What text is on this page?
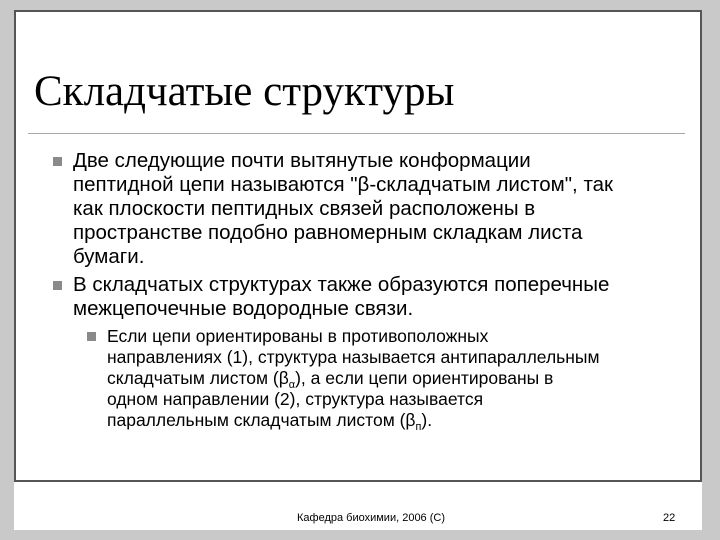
Складчатые структуры
Две следующие почти вытянутые конформации
пептидной цепи называются "β-складчатым листом", так
как плоскости пептидных связей расположены в
пространстве подобно равномерным складкам листа
бумаги.
В складчатых структурах также образуются поперечные
межцепочечные водородные связи.
Если цепи ориентированы в противоположных
направлениях (1), структура называется антипараллельным
складчатым листом $(\beta_\alpha)$, а если цепи ориентированы в
одном направлении (2), структура называется
параллельным складчатым листом $(\beta_п)$.
Кафедра биохимии, 2006 (C)	22
